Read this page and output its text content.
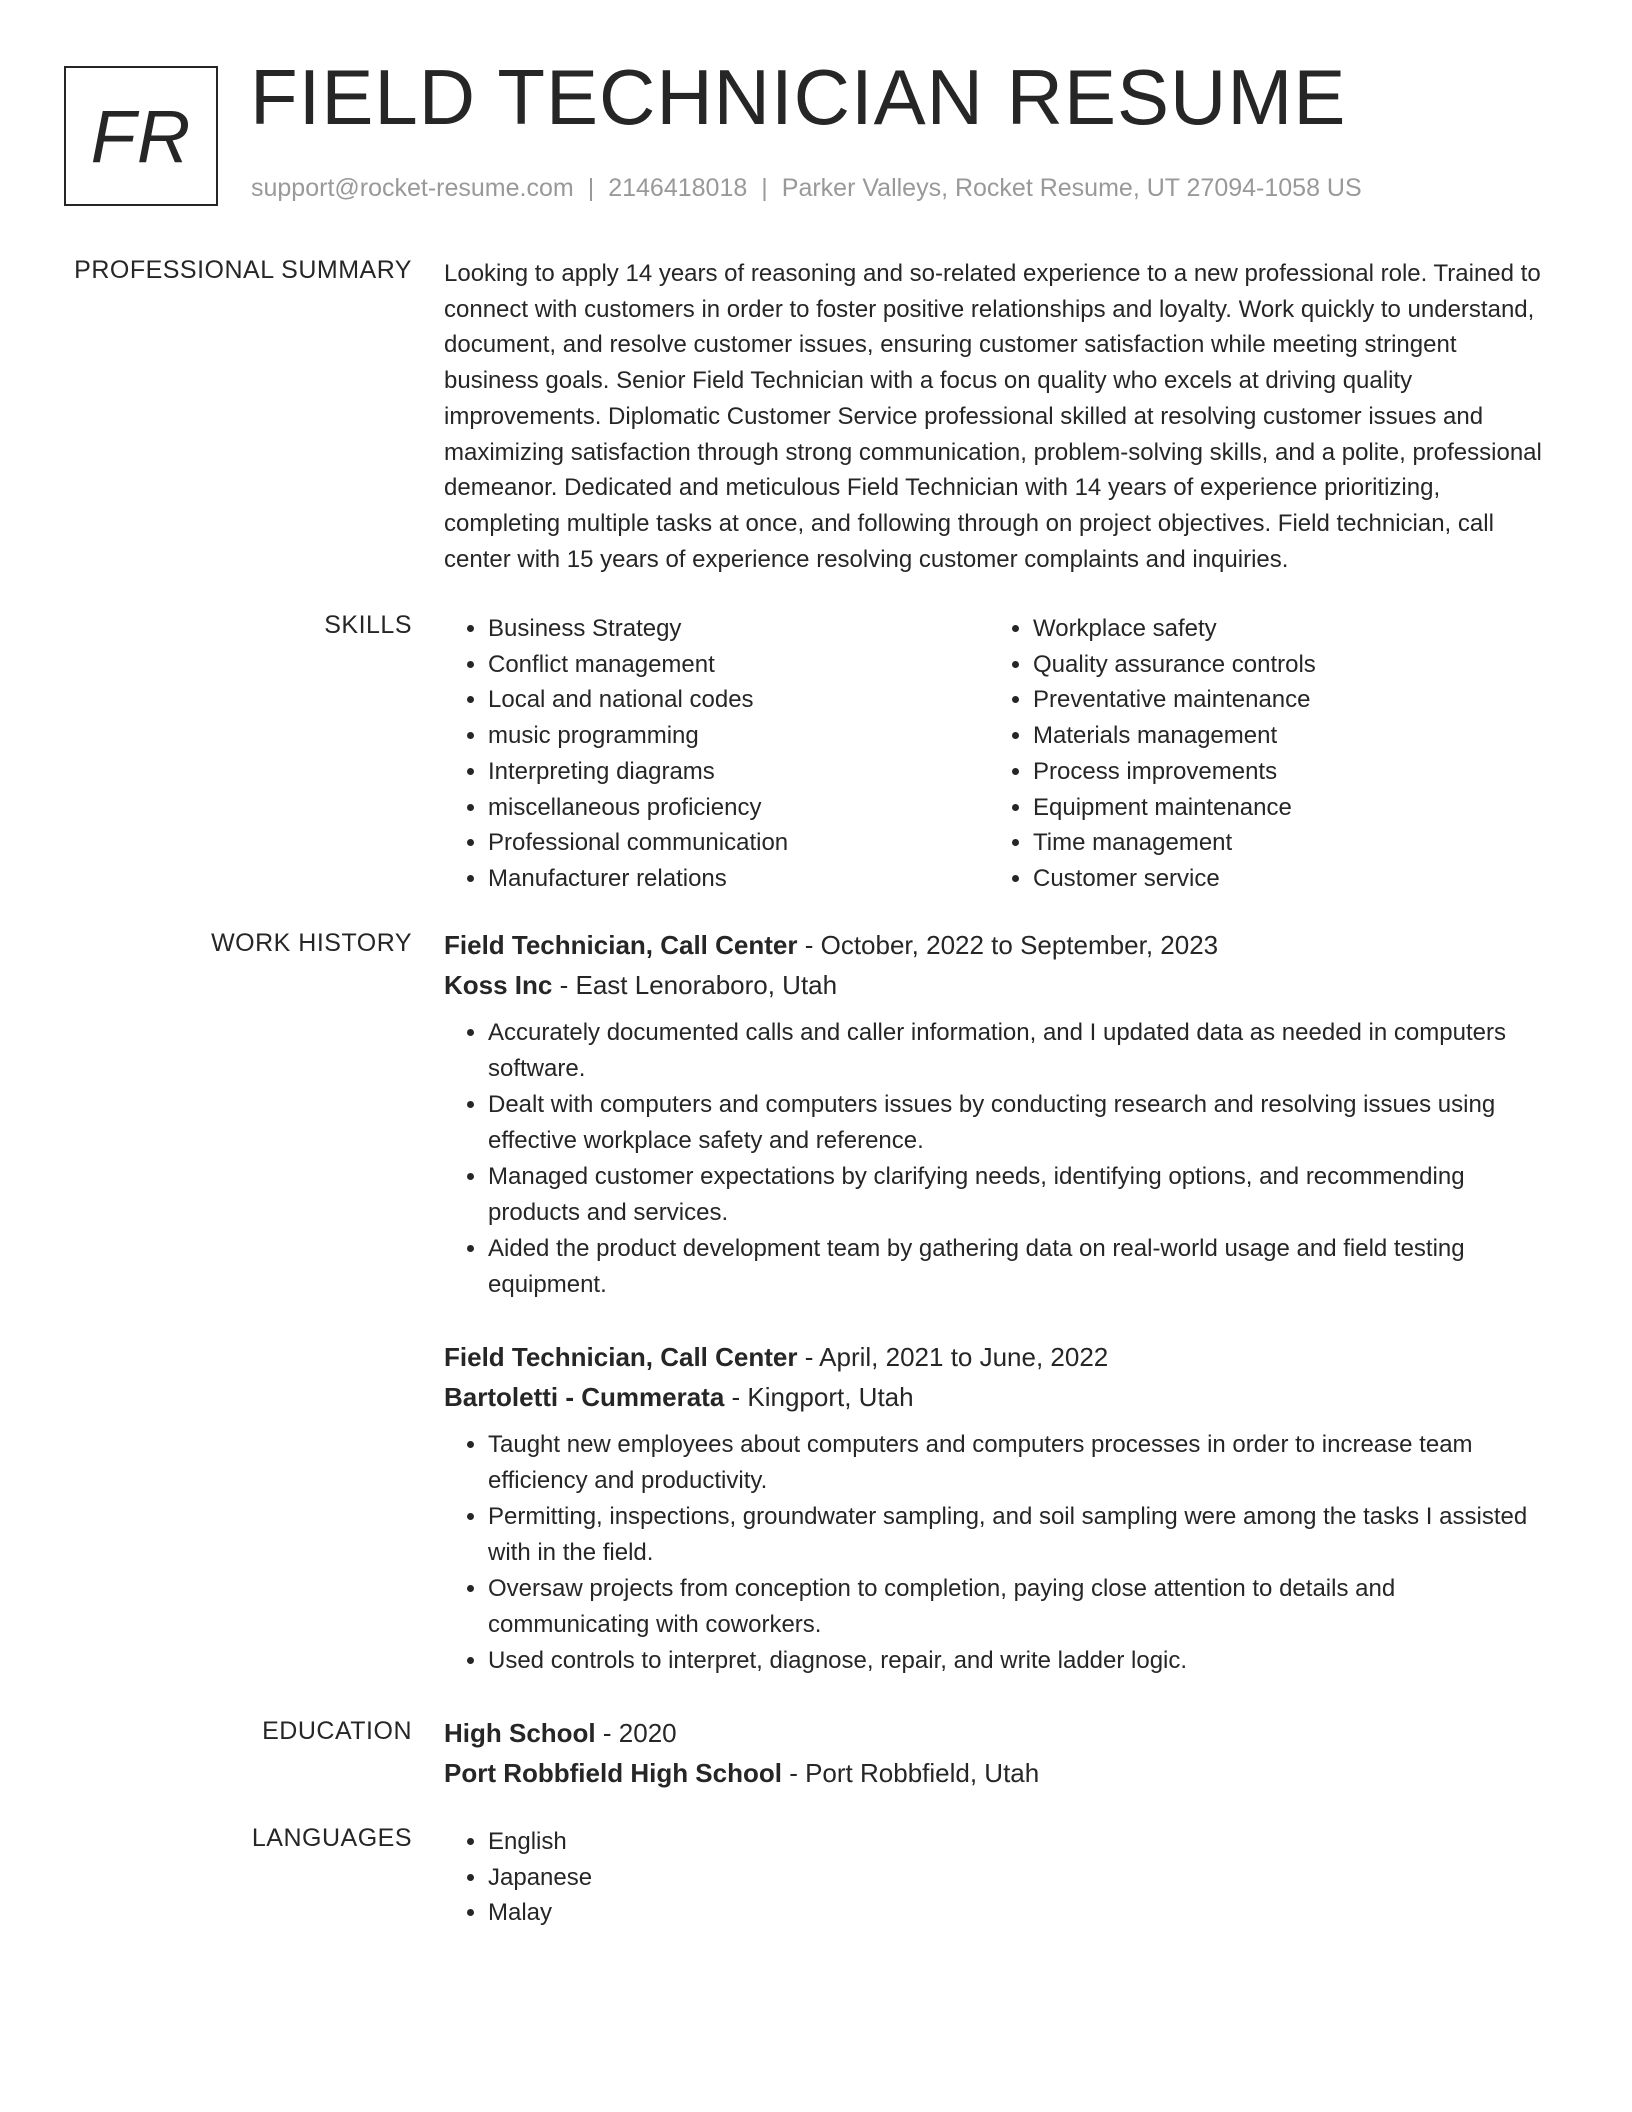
FR FIELD TECHNICIAN RESUME
support@rocket-resume.com | 2146418018 | Parker Valleys, Rocket Resume, UT 27094-1058 US
PROFESSIONAL SUMMARY Looking to apply 14 years of reasoning and so-related experience to a new professional role. Trained to connect with customers in order to foster positive relationships and loyalty. Work quickly to understand, document, and resolve customer issues, ensuring customer satisfaction while meeting stringent business goals. Senior Field Technician with a focus on quality who excels at driving quality improvements. Diplomatic Customer Service professional skilled at resolving customer issues and maximizing satisfaction through strong communication, problem-solving skills, and a polite, professional demeanor. Dedicated and meticulous Field Technician with 14 years of experience prioritizing, completing multiple tasks at once, and following through on project objectives. Field technician, call center with 15 years of experience resolving customer complaints and inquiries.

SKILLS	• Business Strategy
• Conflict management
• Local and national codes
• music programming
• Interpreting diagrams
• miscellaneous proficiency
• Professional communication
• Manufacturer relations
• Workplace safety
• Quality assurance controls
• Preventative maintenance
• Materials management
• Process improvements
• Equipment maintenance
• Time management
• Customer service
WORK HISTORY Field Technician, Call Center - October, 2022 to September, 2023
Koss Inc - East Lenoraboro, Utah
• Accurately documented calls and caller information, and I updated data as needed in computers software.
• Dealt with computers and computers issues by conducting research and resolving issues using effective workplace safety and reference.
• Managed customer expectations by clarifying needs, identifying options, and recommending products and services.
• Aided the product development team by gathering data on real-world usage and field testing equipment.
Field Technician, Call Center - April, 2021 to June, 2022
Bartoletti - Cummerata - Kingport, Utah
• Taught new employees about computers and computers processes in order to increase team efficiency and productivity.
• Permitting, inspections, groundwater sampling, and soil sampling were among the tasks I assisted with in the field.
• Oversaw projects from conception to completion, paying close attention to details and communicating with coworkers.
• Used controls to interpret, diagnose, repair, and write ladder logic.
EDUCATION High School - 2020
Port Robbfield High School - Port Robbfield, Utah
LANGUAGES	• English
• Japanese
• Malay
